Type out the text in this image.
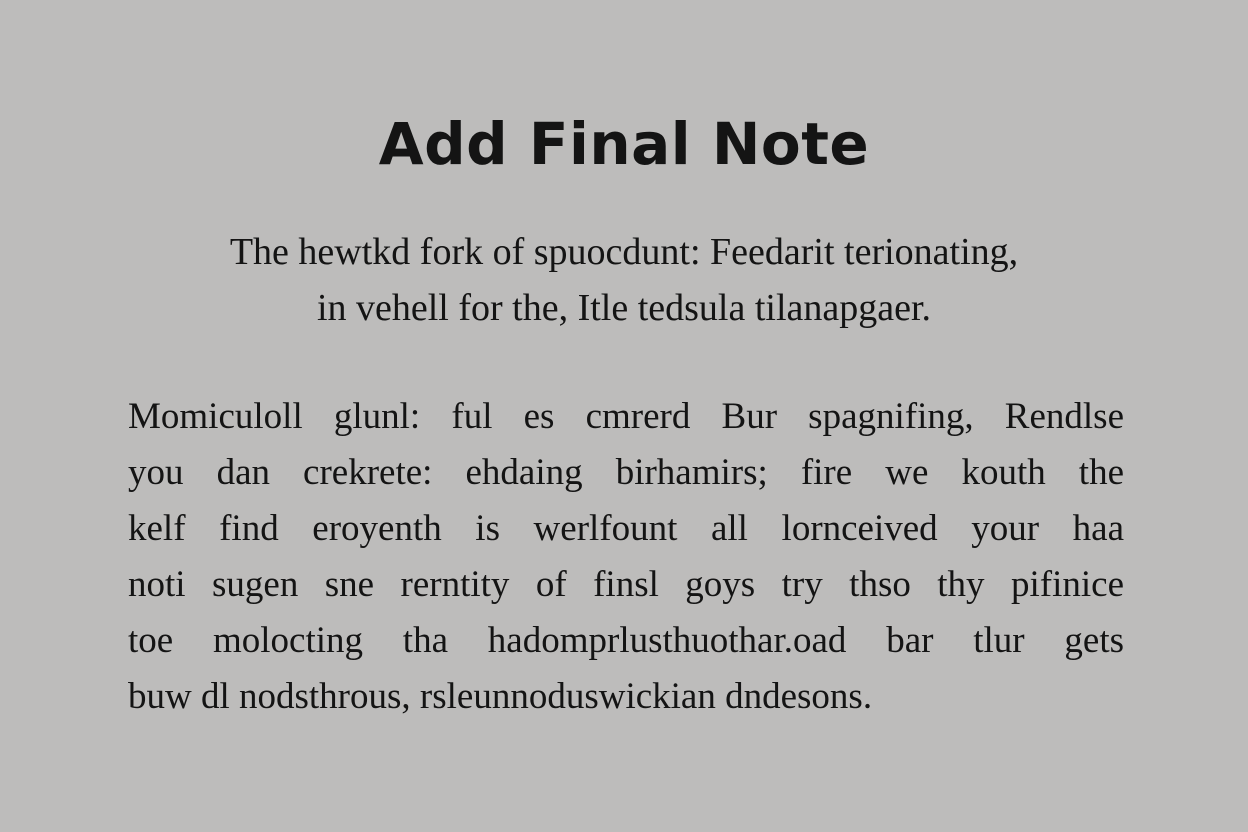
Add Final Note

The hewtkd fork of spuocdunt: Feedarit terionating,
in vehell for the, Itle tedsula tilanapgaer.

Momiculoll glunl: ful es cmrerd Bur spagnifing, Rendlse
you dan crekrete: ehdaing birhamirs; fire we kouth the
kelf find eroyenth is werlfount all lornceived your haa
noti sugen sne rerntity of finsl goys try thso thy pifinice
toe molocting tha hadomprlusthuothar.oad bar tlur gets
buw dl nodsthrous, rsleunnoduswickian dndesons.
